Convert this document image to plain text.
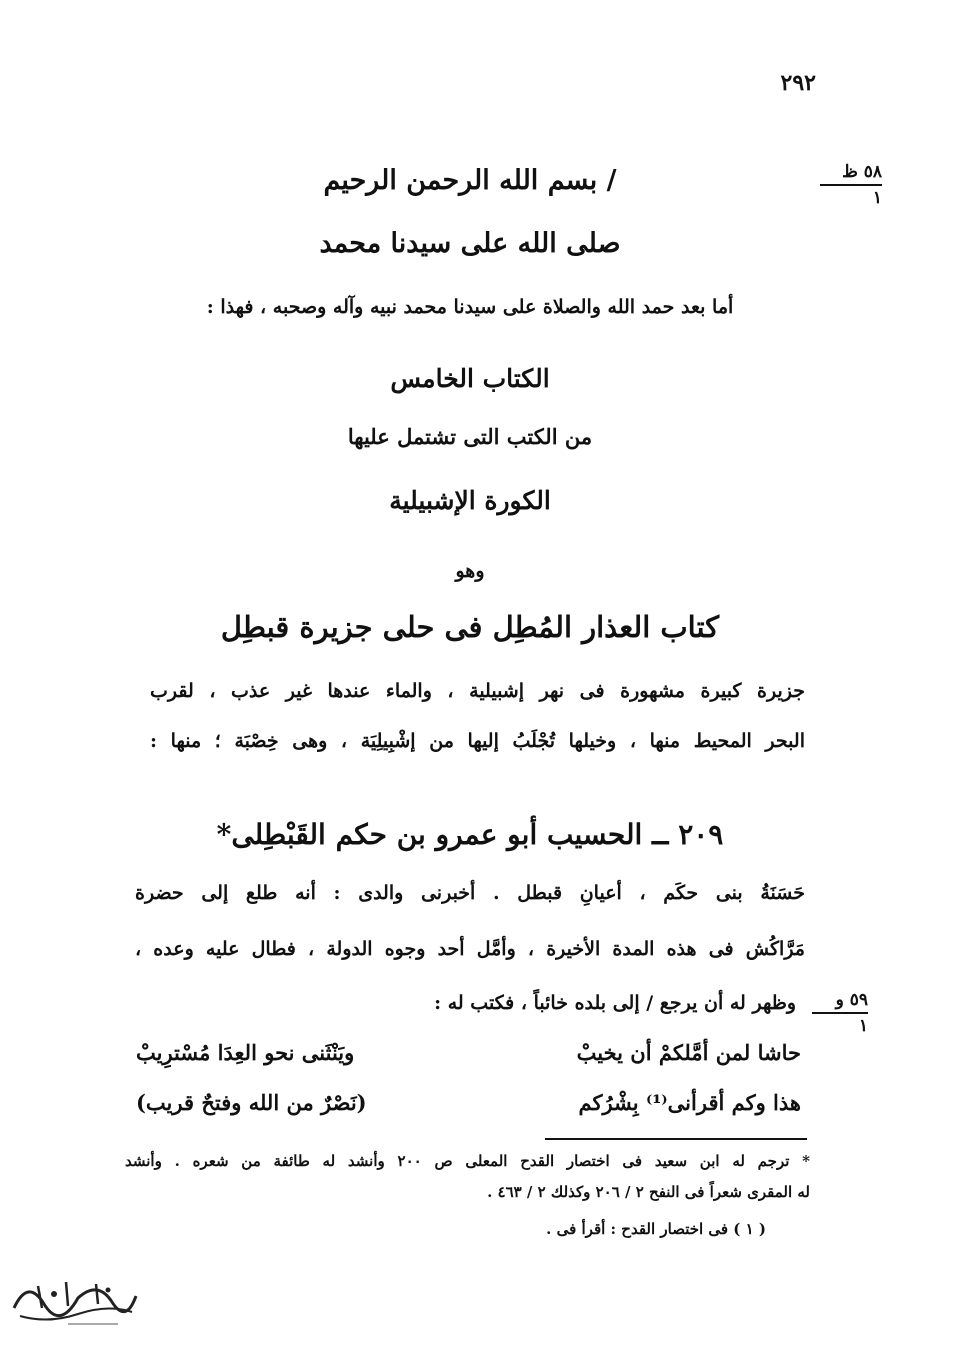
٢٩٢
٥٨ ظ
١
٥٩ و
١
/ بسم الله الرحمن الرحيم
صلى الله على سيدنا محمد
أما بعد حمد الله والصلاة على سيدنا محمد نبيه وآله وصحبه ، فهذا :
الكتاب الخامس
من الكتب التى تشتمل عليها
الكورة الإشبيلية
وهو
كتاب العذار المُطِل فى حلى جزيرة قبطِل
جزيرة كبيرة مشهورة فى نهر إشبيلية ، والماء عندها غير عذب ، لقرب
البحر المحيط منها ، وخيلها تُجْلَبُ إليها من إشْبِيلِيَة ، وهى خِصْبَة ؛ منها :
٢٠٩ ــ الحسيب أبو عمرو بن حكم القَبْطِلى*
حَسَنَةُ بنى حكَم ، أعيانِ قبطل . أخبرنى والدى : أنه طلع إلى حضرة
مَرَّاكُش فى هذه المدة الأخيرة ، وأمَّل أحد وجوه الدولة ، فطال عليه وعده ،
وظهر له أن يرجع / إلى بلده خائباً ، فكتب له :
حاشا لمن أمَّلكمْ أن يخيبْ
ويَنْثَنى نحو العِدَا مُسْترِيبْ
هذا وكم أقرأنى⁽¹⁾ بِشْرُكم
(نَصْرٌ من الله وفتحٌ قريب)
* ترجم له ابن سعيد فى اختصار القدح المعلى ص ٢٠٠ وأنشد له طائفة من شعره . وأنشد
له المقرى شعراً فى النفح ٢ / ٢٠٦ وكذلك ٢ / ٤٦٣ .
( ١ ) فى اختصار القدح : أقرأ فى .
